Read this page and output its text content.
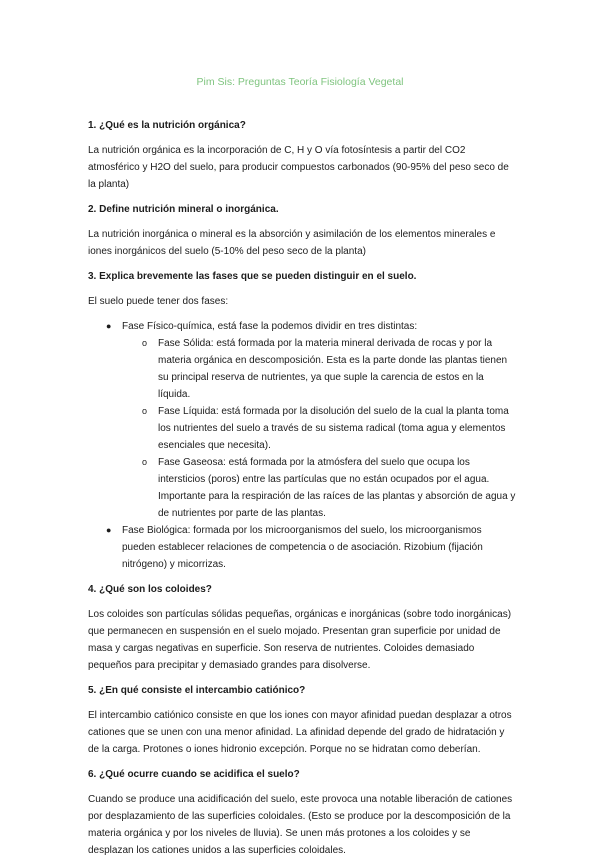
Pim Sis: Preguntas Teoría Fisiología Vegetal
1. ¿Qué es la nutrición orgánica?
La nutrición orgánica es la incorporación de C, H y O vía fotosíntesis a partir del CO2 atmosférico y H2O del suelo, para producir compuestos carbonados (90-95% del peso seco de la planta)
2. Define nutrición mineral o inorgánica.
La nutrición inorgánica o mineral es la absorción y asimilación de los elementos minerales e iones inorgánicos del suelo (5-10% del peso seco de la planta)
3. Explica brevemente las fases que se pueden distinguir en el suelo.
El suelo puede tener dos fases:
● Fase Físico-química, está fase la podemos dividir en tres distintas:
o Fase Sólida: está formada por la materia mineral derivada de rocas y por la materia orgánica en descomposición. Esta es la parte donde las plantas tienen su principal reserva de nutrientes, ya que suple la carencia de estos en la líquida.
o Fase Líquida: está formada por la disolución del suelo de la cual la planta toma los nutrientes del suelo a través de su sistema radical (toma agua y elementos esenciales que necesita).
o Fase Gaseosa: está formada por la atmósfera del suelo que ocupa los intersticios (poros) entre las partículas que no están ocupados por el agua. Importante para la respiración de las raíces de las plantas y absorción de agua y de nutrientes por parte de las plantas.
● Fase Biológica: formada por los microorganismos del suelo, los microorganismos pueden establecer relaciones de competencia o de asociación. Rizobium (fijación nitrógeno) y micorrizas.
4. ¿Qué son los coloides?
Los coloides son partículas sólidas pequeñas, orgánicas e inorgánicas (sobre todo inorgánicas) que permanecen en suspensión en el suelo mojado. Presentan gran superficie por unidad de masa y cargas negativas en superficie. Son reserva de nutrientes. Coloides demasiado pequeños para precipitar y demasiado grandes para disolverse.
5. ¿En qué consiste el intercambio catiónico?
El intercambio catiónico consiste en que los iones con mayor afinidad puedan desplazar a otros cationes que se unen con una menor afinidad. La afinidad depende del grado de hidratación y de la carga. Protones o iones hidronio excepción. Porque no se hidratan como deberían.
6. ¿Qué ocurre cuando se acidifica el suelo?
Cuando se produce una acidificación del suelo, este provoca una notable liberación de cationes por desplazamiento de las superficies coloidales. (Esto se produce por la descomposición de la materia orgánica y por los niveles de lluvia). Se unen más protones a los coloides y se desplazan los cationes unidos a las superficies coloidales.
